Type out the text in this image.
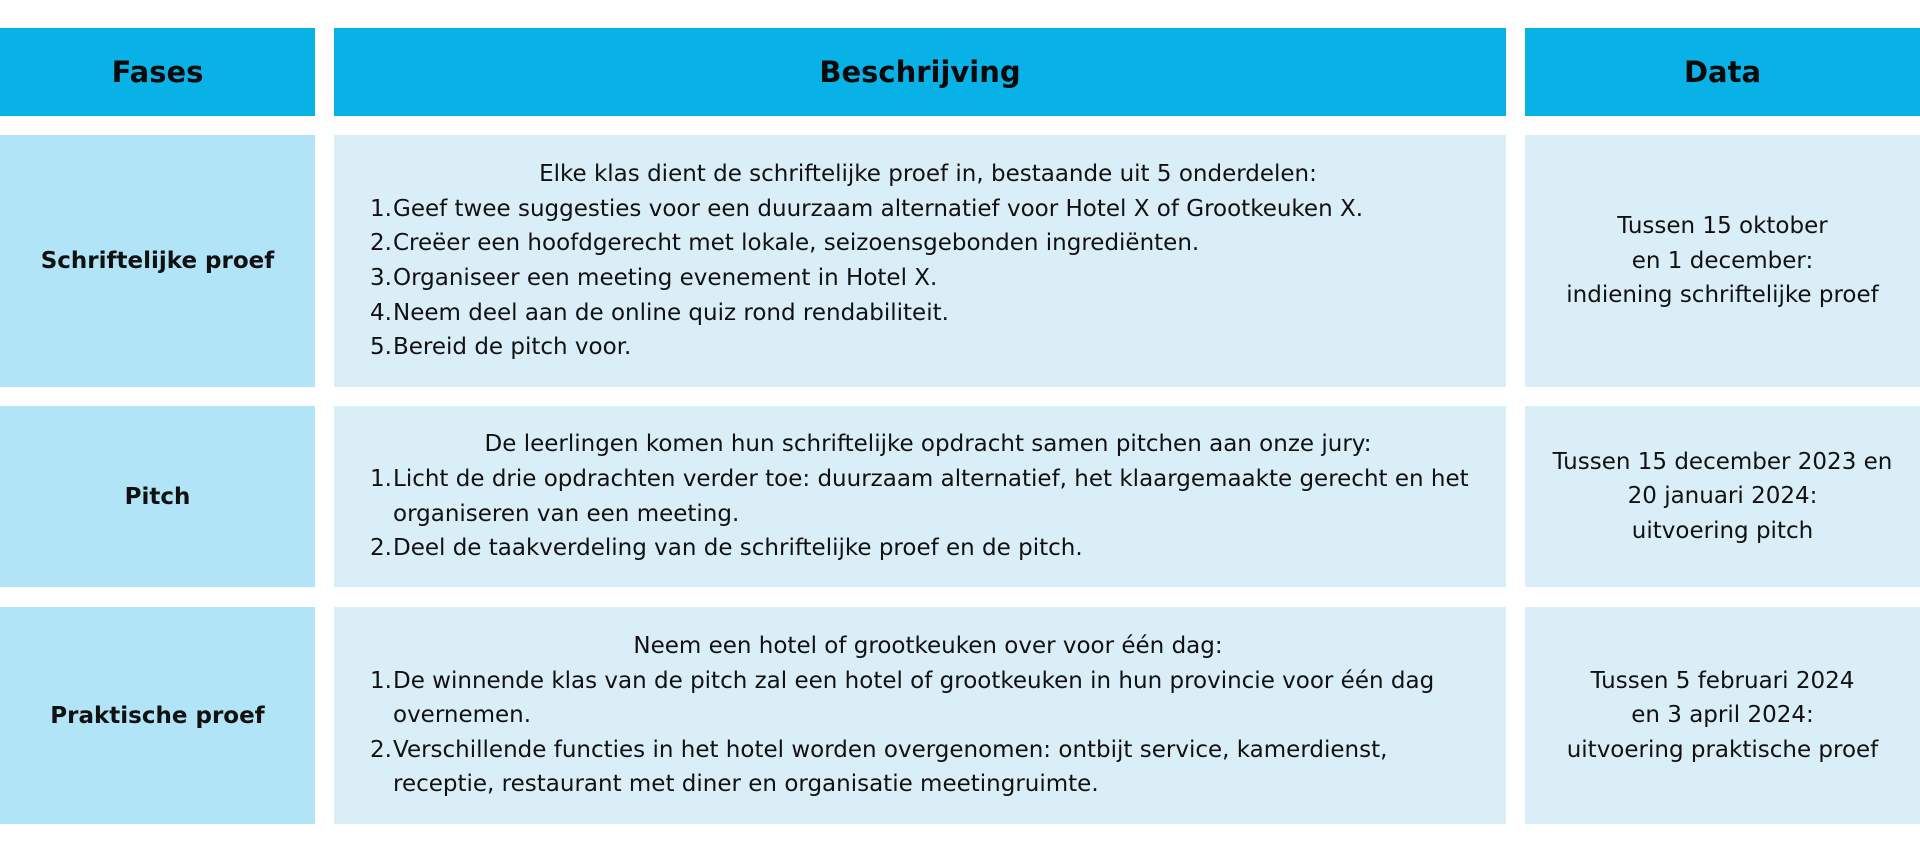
Fases	Beschrijving	Data
Schriftelijke proef
Elke klas dient de schriftelijke proef in, bestaande uit 5 onderdelen:
1. Geef twee suggesties voor een duurzaam alternatief voor Hotel X of Grootkeuken X.
2. Creëer een hoofdgerecht met lokale, seizoensgebonden ingrediënten.
3. Organiseer een meeting evenement in Hotel X.
4. Neem deel aan de online quiz rond rendabiliteit.
5. Bereid de pitch voor.
Tussen 15 oktober
en 1 december:
indiening schriftelijke proef
Pitch
De leerlingen komen hun schriftelijke opdracht samen pitchen aan onze jury:
1. Licht de drie opdrachten verder toe: duurzaam alternatief, het klaargemaakte gerecht en het organiseren van een meeting.
2. Deel de taakverdeling van de schriftelijke proef en de pitch.
Tussen 15 december 2023 en
20 januari 2024:
uitvoering pitch
Praktische proef
Neem een hotel of grootkeuken over voor één dag:
1. De winnende klas van de pitch zal een hotel of grootkeuken in hun provincie voor één dag overnemen.
2. Verschillende functies in het hotel worden overgenomen: ontbijt service, kamerdienst, receptie, restaurant met diner en organisatie meetingruimte.
Tussen 5 februari 2024
en 3 april 2024:
uitvoering praktische proef
